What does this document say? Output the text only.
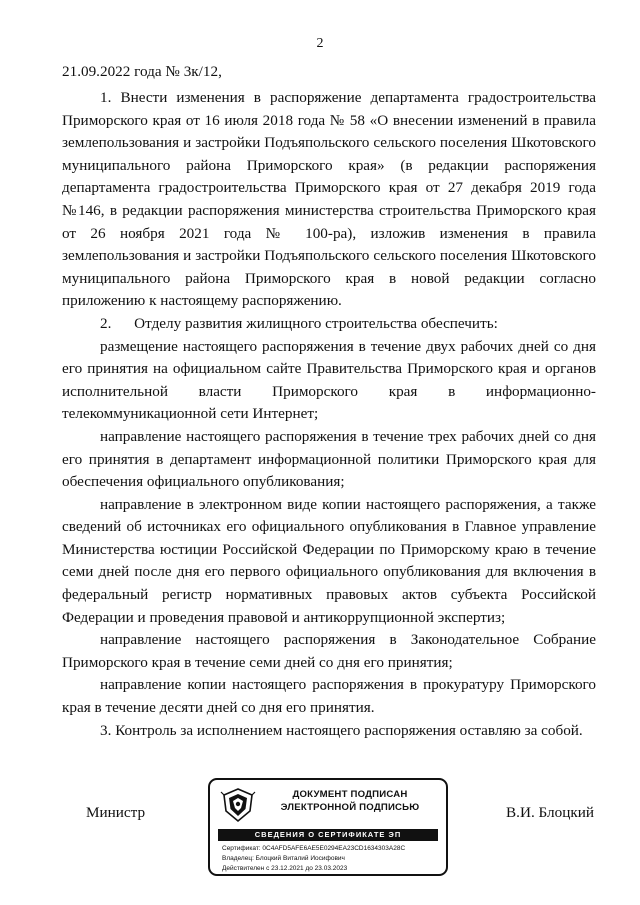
2
21.09.2022 года № 3к/12,

1. Внести изменения в распоряжение департамента градостроительства Приморского края от 16 июля 2018 года № 58 «О внесении изменений в правила землепользования и застройки Подъяпольского сельского поселения Шкотовского муниципального района Приморского края» (в редакции распоряжения департамента градостроительства Приморского края от 27 декабря 2019 года №146, в редакции распоряжения министерства строительства Приморского края от 26 ноября 2021 года № 100-ра), изложив изменения в правила землепользования и застройки Подъяпольского сельского поселения Шкотовского муниципального района Приморского края в новой редакции согласно приложению к настоящему распоряжению.

2.      Отделу развития жилищного строительства обеспечить:

размещение настоящего распоряжения в течение двух рабочих дней со дня его принятия на официальном сайте Правительства Приморского края и органов исполнительной власти Приморского края в информационно-телекоммуникационной сети Интернет;

направление настоящего распоряжения в течение трех рабочих дней со дня его принятия в департамент информационной политики Приморского края для обеспечения официального опубликования;

направление в электронном виде копии настоящего распоряжения, а также сведений об источниках его официального опубликования в Главное управление Министерства юстиции Российской Федерации по Приморскому краю в течение семи дней после дня его первого официального опубликования для включения в федеральный регистр нормативных правовых актов субъекта Российской Федерации и проведения правовой и антикоррупционной экспертиз;

направление настоящего распоряжения в Законодательное Собрание Приморского края в течение семи дней со дня его принятия;

направление копии настоящего распоряжения в прокуратуру Приморского края в течение десяти дней со дня его принятия.

3. Контроль за исполнением настоящего распоряжения оставляю за собой.

Министр
ДОКУМЕНТ ПОДПИСАН
ЭЛЕКТРОННОЙ ПОДПИСЬЮ
СВЕДЕНИЯ О СЕРТИФИКАТЕ ЭП
Сертификат: 0C4AFD5AFE6AE5E0294EA23CD1634303A28C
Владелец: Блоцкий Виталий Иосифович
Действителен с 23.12.2021 до 23.03.2023
В.И. Блоцкий
